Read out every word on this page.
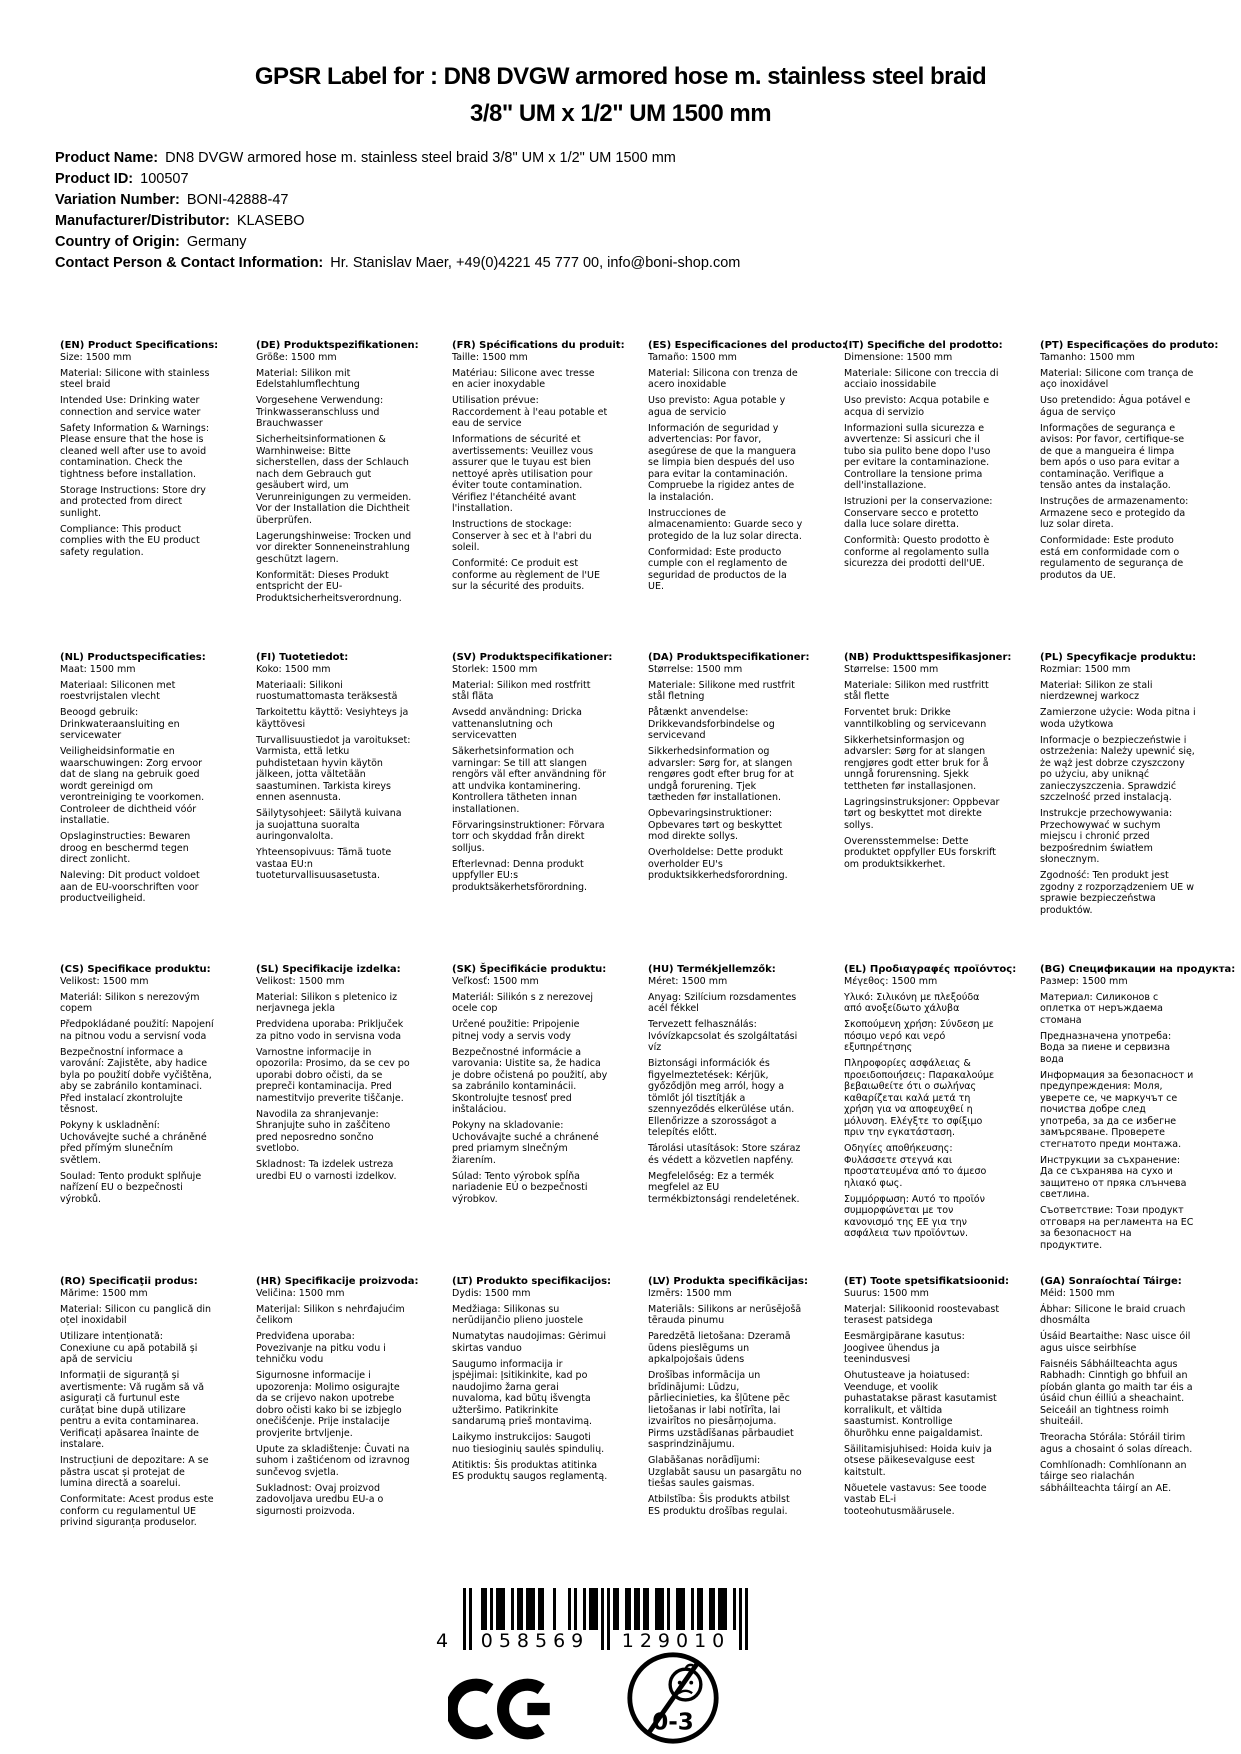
GPSR Label for : DN8 DVGW armored hose m. stainless steel braid
3/8" UM x 1/2" UM 1500 mm
Product Name: DN8 DVGW armored hose m. stainless steel braid 3/8" UM x 1/2" UM 1500 mm
Product ID: 100507
Variation Number: BONI-42888-47
Manufacturer/Distributor: KLASEBO
Country of Origin: Germany
Contact Person & Contact Information: Hr. Stanislav Maer, +49(0)4221 45 777 00, info@boni-shop.com
(EN) Product Specifications:

Size: 1500 mm

Material: Silicone with stainless steel braid

Intended Use: Drinking water connection and service water

Safety Information & Warnings: Please ensure that the hose is cleaned well after use to avoid contamination. Check the tightness before installation.

Storage Instructions: Store dry and protected from direct sunlight.

Compliance: This product complies with the EU product safety regulation.

(DE) Produktspezifikationen:

Größe: 1500 mm

Material: Silikon mit Edelstahlumflechtung

Vorgesehene Verwendung: Trinkwasseranschluss und Brauchwasser

Sicherheitsinformationen & Warnhinweise: Bitte sicherstellen, dass der Schlauch nach dem Gebrauch gut gesäubert wird, um Verunreinigungen zu vermeiden. Vor der Installation die Dichtheit überprüfen.

Lagerungshinweise: Trocken und vor direkter Sonneneinstrahlung geschützt lagern.

Konformität: Dieses Produkt entspricht der EU-Produktsicherheitsverordnung.

(FR) Spécifications du produit:

Taille: 1500 mm

Matériau: Silicone avec tresse en acier inoxydable

Utilisation prévue: Raccordement à l'eau potable et eau de service

Informations de sécurité et avertissements: Veuillez vous assurer que le tuyau est bien nettoyé après utilisation pour éviter toute contamination. Vérifiez l'étanchéité avant l'installation.

Instructions de stockage: Conserver à sec et à l'abri du soleil.

Conformité: Ce produit est conforme au règlement de l'UE sur la sécurité des produits.

(ES) Especificaciones del producto:

Tamaño: 1500 mm

Material: Silicona con trenza de acero inoxidable

Uso previsto: Agua potable y agua de servicio

Información de seguridad y advertencias: Por favor, asegúrese de que la manguera se limpia bien después del uso para evitar la contaminación. Compruebe la rigidez antes de la instalación.

Instrucciones de almacenamiento: Guarde seco y protegido de la luz solar directa.

Conformidad: Este producto cumple con el reglamento de seguridad de productos de la UE.

(IT) Specifiche del prodotto:

Dimensione: 1500 mm

Materiale: Silicone con treccia di acciaio inossidabile

Uso previsto: Acqua potabile e acqua di servizio

Informazioni sulla sicurezza e avvertenze: Si assicuri che il tubo sia pulito bene dopo l'uso per evitare la contaminazione. Controllare la tensione prima dell'installazione.

Istruzioni per la conservazione: Conservare secco e protetto dalla luce solare diretta.

Conformità: Questo prodotto è conforme al regolamento sulla sicurezza dei prodotti dell'UE.

(PT) Especificações do produto:

Tamanho: 1500 mm

Material: Silicone com trança de aço inoxidável

Uso pretendido: Água potável e água de serviço

Informações de segurança e avisos: Por favor, certifique-se de que a mangueira é limpa bem após o uso para evitar a contaminação. Verifique a tensão antes da instalação.

Instruções de armazenamento: Armazene seco e protegido da luz solar direta.

Conformidade: Este produto está em conformidade com o regulamento de segurança de produtos da UE.

(NL) Productspecificaties:

Maat: 1500 mm

Materiaal: Siliconen met roestvrijstalen vlecht

Beoogd gebruik: Drinkwateraansluiting en servicewater

Veiligheidsinformatie en waarschuwingen: Zorg ervoor dat de slang na gebruik goed wordt gereinigd om verontreiniging te voorkomen. Controleer de dichtheid vóór installatie.

Opslaginstructies: Bewaren droog en beschermd tegen direct zonlicht.

Naleving: Dit product voldoet aan de EU-voorschriften voor productveiligheid.

(FI) Tuotetiedot:

Koko: 1500 mm

Materiaali: Silikoni ruostumattomasta teräksestä

Tarkoitettu käyttö: Vesiyhteys ja käyttövesi

Turvallisuustiedot ja varoitukset: Varmista, että letku puhdistetaan hyvin käytön jälkeen, jotta vältetään saastuminen. Tarkista kireys ennen asennusta.

Säilytysohjeet: Säilytä kuivana ja suojattuna suoralta auringonvalolta.

Yhteensopivuus: Tämä tuote vastaa EU:n tuoteturvallisuusasetusta.

(SV) Produktspecifikationer:

Storlek: 1500 mm

Material: Silikon med rostfritt stål fläta

Avsedd användning: Dricka vattenanslutning och servicevatten

Säkerhetsinformation och varningar: Se till att slangen rengörs väl efter användning för att undvika kontaminering. Kontrollera tätheten innan installationen.

Förvaringsinstruktioner: Förvara torr och skyddad från direkt solljus.

Efterlevnad: Denna produkt uppfyller EU:s produktsäkerhetsförordning.

(DA) Produktspecifikationer:

Størrelse: 1500 mm

Materiale: Silikone med rustfrit stål fletning

Påtænkt anvendelse: Drikkevandsforbindelse og servicevand

Sikkerhedsinformation og advarsler: Sørg for, at slangen rengøres godt efter brug for at undgå forurening. Tjek tætheden før installationen.

Opbevaringsinstruktioner: Opbevares tørt og beskyttet mod direkte sollys.

Overholdelse: Dette produkt overholder EU's produktsikkerhedsforordning.

(NB) Produkttspesifikasjoner:

Størrelse: 1500 mm

Materiale: Silikon med rustfritt stål flette

Forventet bruk: Drikke vanntilkobling og servicevann

Sikkerhetsinformasjon og advarsler: Sørg for at slangen rengjøres godt etter bruk for å unngå forurensning. Sjekk tettheten før installasjonen.

Lagringsinstruksjoner: Oppbevar tørt og beskyttet mot direkte sollys.

Overensstemmelse: Dette produktet oppfyller EUs forskrift om produktsikkerhet.

(PL) Specyfikacje produktu:

Rozmiar: 1500 mm

Materiał: Silikon ze stali nierdzewnej warkocz

Zamierzone użycie: Woda pitna i woda użytkowa

Informacje o bezpieczeństwie i ostrzeżenia: Należy upewnić się, że wąż jest dobrze czyszczony po użyciu, aby uniknąć zanieczyszczenia. Sprawdzić szczelność przed instalacją.

Instrukcje przechowywania: Przechowywać w suchym miejscu i chronić przed bezpośrednim światłem słonecznym.

Zgodność: Ten produkt jest zgodny z rozporządzeniem UE w sprawie bezpieczeństwa produktów.

(CS) Specifikace produktu:

Velikost: 1500 mm

Materiál: Silikon s nerezovým copem

Předpokládané použití: Napojení na pitnou vodu a servisní voda

Bezpečnostní informace a varování: Zajistěte, aby hadice byla po použití dobře vyčištěna, aby se zabránilo kontaminaci. Před instalací zkontrolujte těsnost.

Pokyny k uskladnění: Uchovávejte suché a chráněné před přímým slunečním světlem.

Soulad: Tento produkt splňuje nařízení EU o bezpečnosti výrobků.

(SL) Specifikacije izdelka:

Velikost: 1500 mm

Material: Silikon s pletenico iz nerjavnega jekla

Predvidena uporaba: Priključek za pitno vodo in servisna voda

Varnostne informacije in opozorila: Prosimo, da se cev po uporabi dobro očisti, da se prepreči kontaminacija. Pred namestitvijo preverite tiščanje.

Navodila za shranjevanje: Shranjujte suho in zaščiteno pred neposredno sončno svetlobo.

Skladnost: Ta izdelek ustreza uredbi EU o varnosti izdelkov.

(SK) Špecifikácie produktu:

Veľkosť: 1500 mm

Materiál: Silikón s z nerezovej ocele cop

Určené použitie: Pripojenie pitnej vody a servis vody

Bezpečnostné informácie a varovania: Uistite sa, že hadica je dobre očistená po použití, aby sa zabránilo kontaminácii. Skontrolujte tesnosť pred inštaláciou.

Pokyny na skladovanie: Uchovávajte suché a chránené pred priamym slnečným žiarením.

Súlad: Tento výrobok spĺňa nariadenie EÚ o bezpečnosti výrobkov.

(HU) Termékjellemzők:

Méret: 1500 mm

Anyag: Szilícium rozsdamentes acél fékkel

Tervezett felhasználás: Ivóvízkapcsolat és szolgáltatási víz

Biztonsági információk és figyelmeztetések: Kérjük, győződjön meg arról, hogy a tömlőt jól tisztítják a szennyeződés elkerülése után. Ellenőrizze a szorosságot a telepítés előtt.

Tárolási utasítások: Store száraz és védett a közvetlen napfény.

Megfelelőség: Ez a termék megfelel az EU termékbiztonsági rendeletének.

(EL) Προδιαγραφές προϊόντος:

Μέγεθος: 1500 mm

Υλικό: Σιλικόνη με πλεξούδα από ανοξείδωτο χάλυβα

Σκοπούμενη χρήση: Σύνδεση με πόσιμο νερό και νερό εξυπηρέτησης

Πληροφορίες ασφάλειας & προειδοποιήσεις: Παρακαλούμε βεβαιωθείτε ότι ο σωλήνας καθαρίζεται καλά μετά τη χρήση για να αποφευχθεί η μόλυνση. Ελέγξτε το σφίξιμο πριν την εγκατάσταση.

Οδηγίες αποθήκευσης: Φυλάσσετε στεγνά και προστατευμένα από το άμεσο ηλιακό φως.

Συμμόρφωση: Αυτό το προϊόν συμμορφώνεται με τον κανονισμό της ΕΕ για την ασφάλεια των προϊόντων.

(BG) Спецификации на продукта:

Размер: 1500 mm

Материал: Силиконов с оплетка от неръждаема стомана

Предназначена употреба: Вода за пиене и сервизна вода

Информация за безопасност и предупреждения: Моля, уверете се, че маркучът се почиства добре след употреба, за да се избегне замърсяване. Проверете стегнатото преди монтажа.

Инструкции за съхранение: Да се съхранява на сухо и защитено от пряка слънчева светлина.

Съответствие: Този продукт отговаря на регламента на ЕС за безопасност на продуктите.

(RO) Specificaţii produs:

Mărime: 1500 mm

Material: Silicon cu panglică din oțel inoxidabil

Utilizare intenționată: Conexiune cu apă potabilă și apă de serviciu

Informații de siguranță și avertismente: Vă rugăm să vă asigurați că furtunul este curățat bine după utilizare pentru a evita contaminarea. Verificați apăsarea înainte de instalare.

Instrucțiuni de depozitare: A se păstra uscat și protejat de lumina directă a soarelui.

Conformitate: Acest produs este conform cu regulamentul UE privind siguranța produselor.

(HR) Specifikacije proizvoda:

Veličina: 1500 mm

Materijal: Silikon s nehrđajućim čelikom

Predviđena uporaba: Povezivanje na pitku vodu i tehničku vodu

Sigurnosne informacije i upozorenja: Molimo osigurajte da se crijevo nakon upotrebe dobro očisti kako bi se izbjeglo onečišćenje. Prije instalacije provjerite brtvljenje.

Upute za skladištenje: Čuvati na suhom i zaštićenom od izravnog sunčevog svjetla.

Sukladnost: Ovaj proizvod zadovoljava uredbu EU-a o sigurnosti proizvoda.

(LT) Produkto specifikacijos:

Dydis: 1500 mm

Medžiaga: Silikonas su nerūdijančio plieno juostele

Numatytas naudojimas: Gėrimui skirtas vanduo

Saugumo informacija ir įspėjimai: Įsitikinkite, kad po naudojimo žarna gerai nuvaloma, kad būtų išvengta užteršimo. Patikrinkite sandarumą prieš montavimą.

Laikymo instrukcijos: Saugoti nuo tiesioginių saulės spindulių.

Atitiktis: Šis produktas atitinka ES produktų saugos reglamentą.

(LV) Produkta specifikācijas:

Izmērs: 1500 mm

Materiāls: Silikons ar nerūsējošā tērauda pinumu

Paredzētā lietošana: Dzeramā ūdens pieslēgums un apkalpojošais ūdens

Drošības informācija un brīdinājumi: Lūdzu, pārliecinieties, ka šļūtene pēc lietošanas ir labi notīrīta, lai izvairītos no piesārņojuma. Pirms uzstādīšanas pārbaudiet sasprindzinājumu.

Glabāšanas norādījumi: Uzglabāt sausu un pasargātu no tiešas saules gaismas.

Atbilstība: Šis produkts atbilst ES produktu drošības regulai.

(ET) Toote spetsifikatsioonid:

Suurus: 1500 mm

Materjal: Silikoonid roostevabast terasest patsidega

Eesmärgipärane kasutus: Joogivee ühendus ja teenindusvesi

Ohutusteave ja hoiatused: Veenduge, et voolik puhastatakse pärast kasutamist korralikult, et vältida saastumist. Kontrollige õhurõhku enne paigaldamist.

Säilitamisjuhised: Hoida kuiv ja otsese päikesevalguse eest kaitstult.

Nõuetele vastavus: See toode vastab EL-i tooteohutusmäärusele.

(GA) Sonraíochtaí Táirge:

Méid: 1500 mm

Ábhar: Silicone le braid cruach dhosmálta

Úsáid Beartaithe: Nasc uisce óil agus uisce seirbhíse

Faisnéis Sábháilteachta agus Rabhadh: Cinntigh go bhfuil an píobán glanta go maith tar éis a úsáid chun éilliú a sheachaint. Seiceáil an tightness roimh shuiteáil.

Treoracha Stórála: Stóráil tirim agus a chosaint ó solas díreach.

Comhlíonadh: Comhlíonann an táirge seo rialachán sábháilteachta táirgí an AE.

4	058569	129010
0-3
